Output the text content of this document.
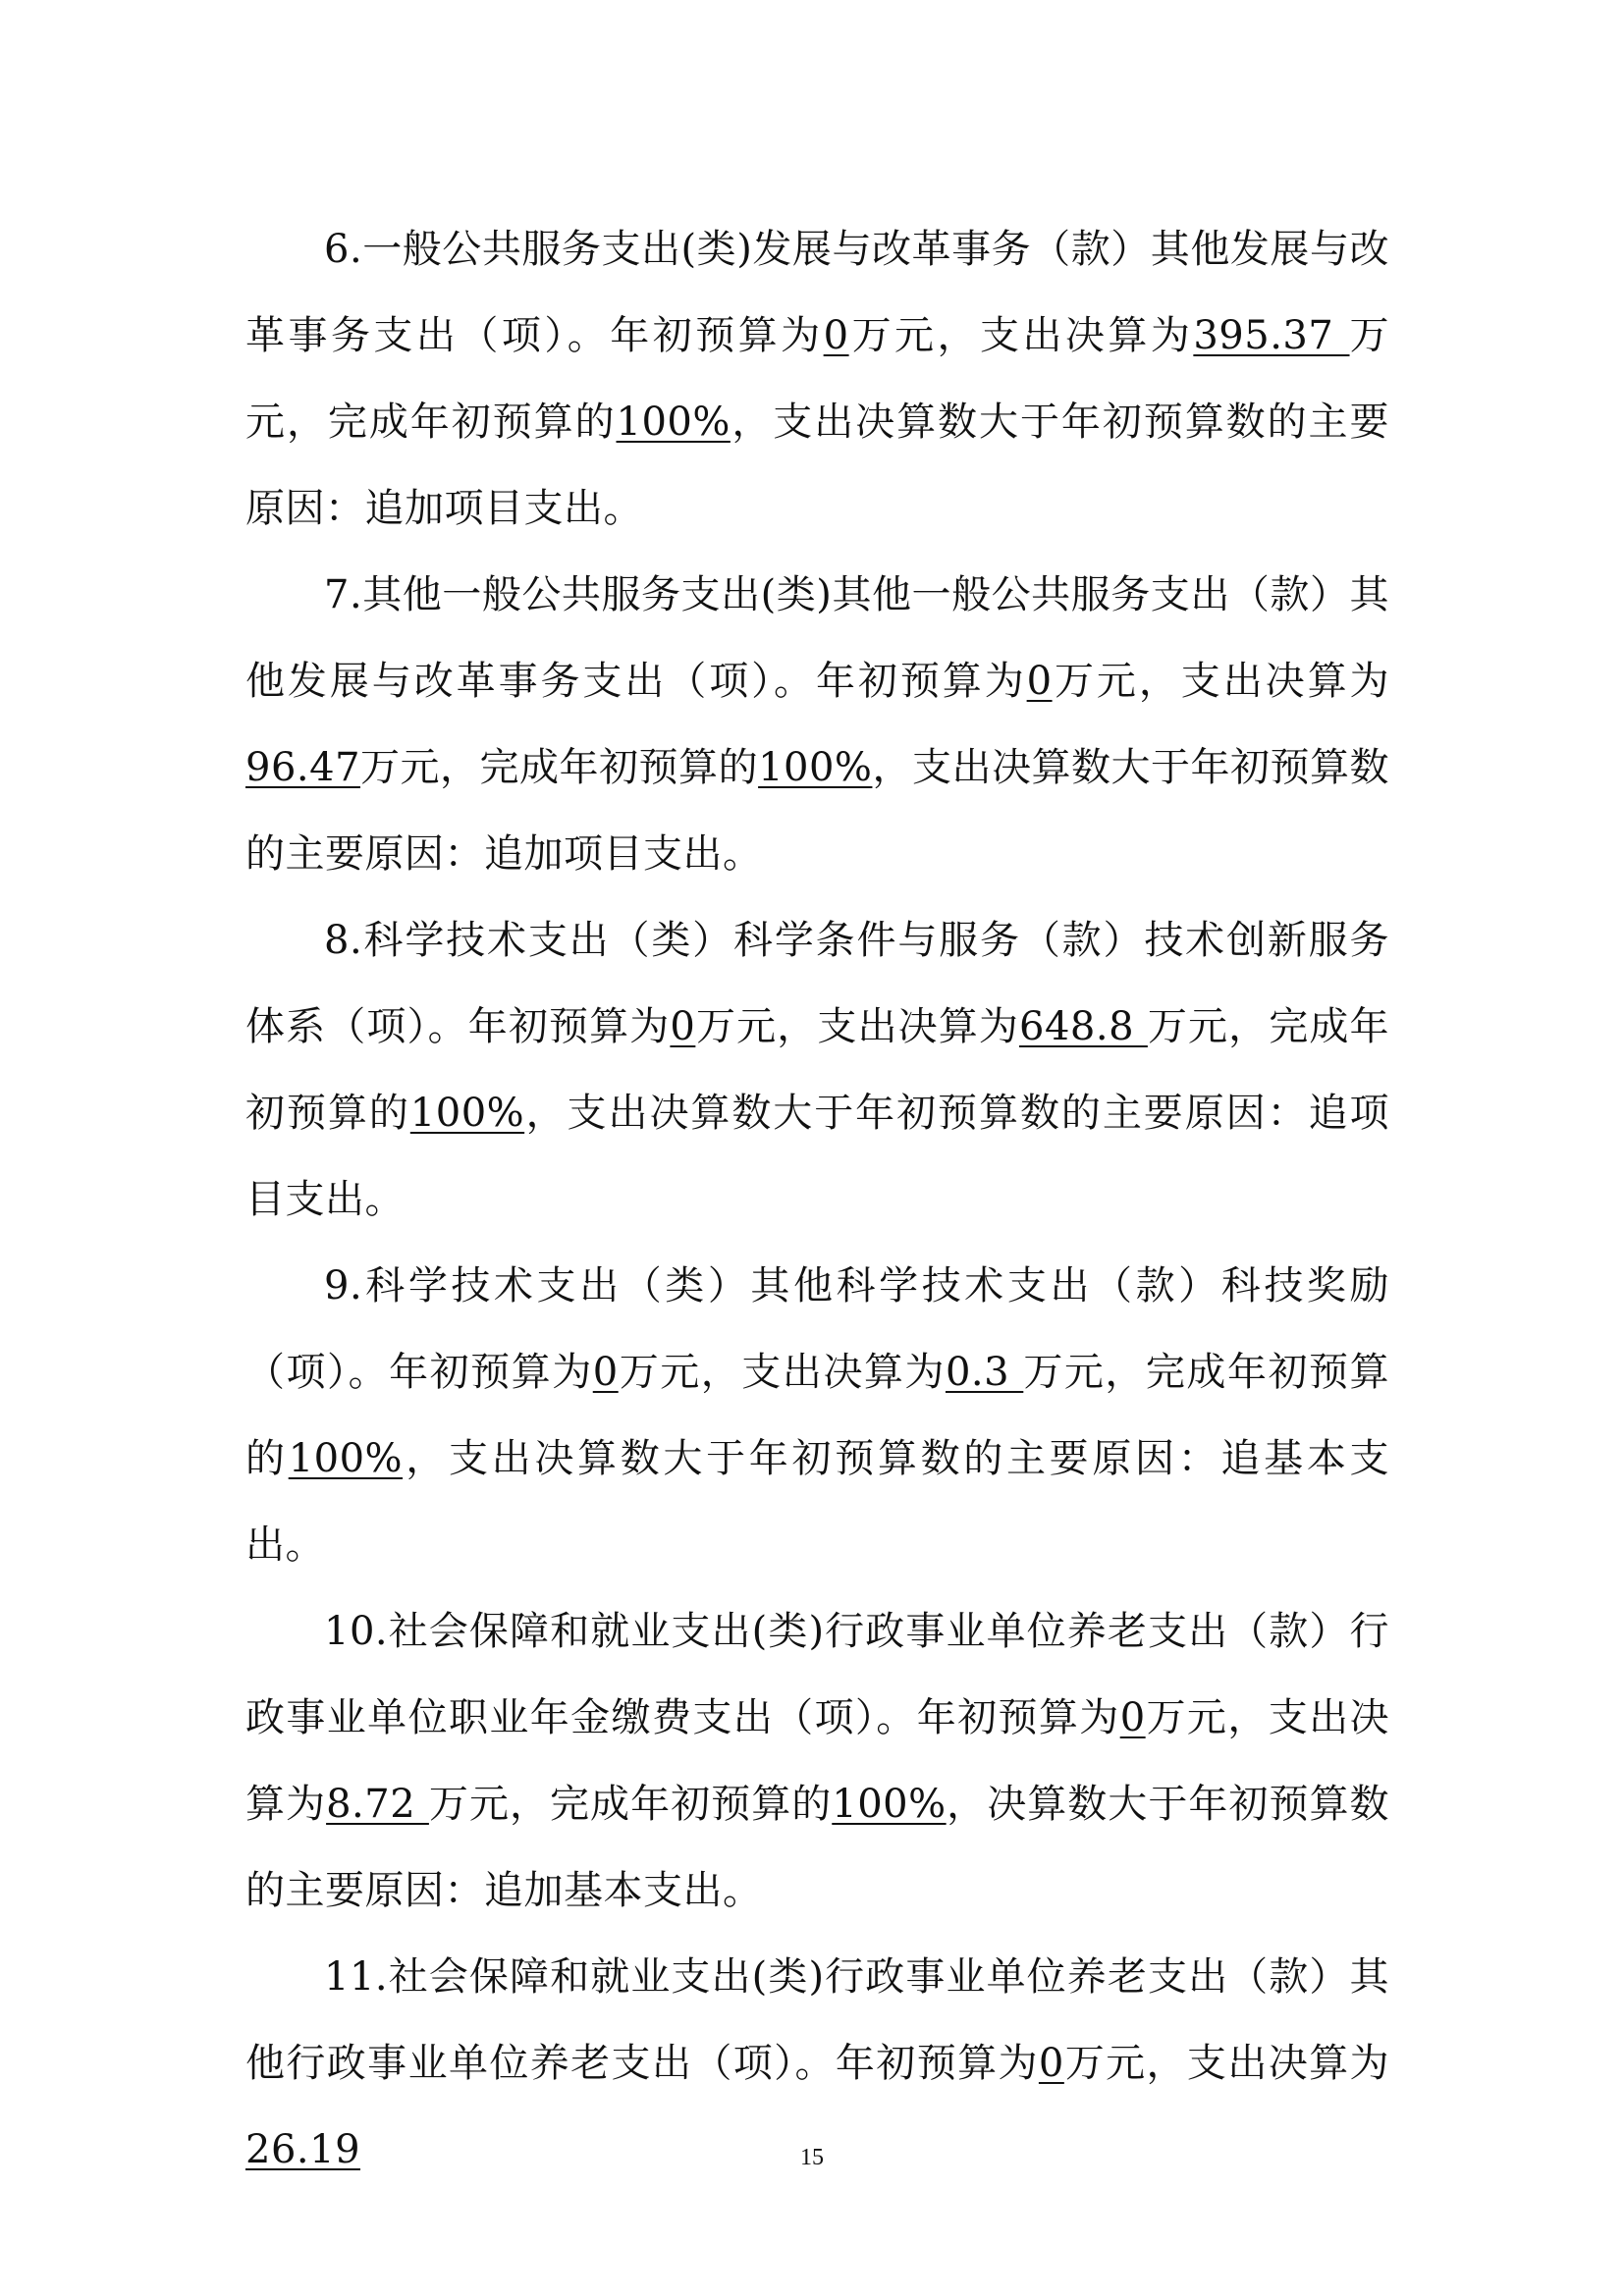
6.一般公共服务支出(类)发展与改革事务（款）其他发展与改革事务支出（项）。年初预算为0万元，支出决算为395.37 万元，完成年初预算的100%，支出决算数大于年初预算数的主要原因：追加项目支出。

7.其他一般公共服务支出(类)其他一般公共服务支出（款）其他发展与改革事务支出（项）。年初预算为0万元，支出决算为96.47万元，完成年初预算的100%，支出决算数大于年初预算数的主要原因：追加项目支出。

8.科学技术支出（类）科学条件与服务（款）技术创新服务体系（项）。年初预算为0万元，支出决算为648.8 万元，完成年初预算的100%，支出决算数大于年初预算数的主要原因：追项目支出。

9.科学技术支出（类）其他科学技术支出（款）科技奖励（项）。年初预算为0万元，支出决算为0.3 万元，完成年初预算的100%，支出决算数大于年初预算数的主要原因：追基本支出。

10.社会保障和就业支出(类)行政事业单位养老支出（款）行政事业单位职业年金缴费支出（项）。年初预算为0万元，支出决算为8.72 万元，完成年初预算的100%，决算数大于年初预算数的主要原因：追加基本支出。

11.社会保障和就业支出(类)行政事业单位养老支出（款）其他行政事业单位养老支出（项）。年初预算为0万元，支出决算为26.19	15
